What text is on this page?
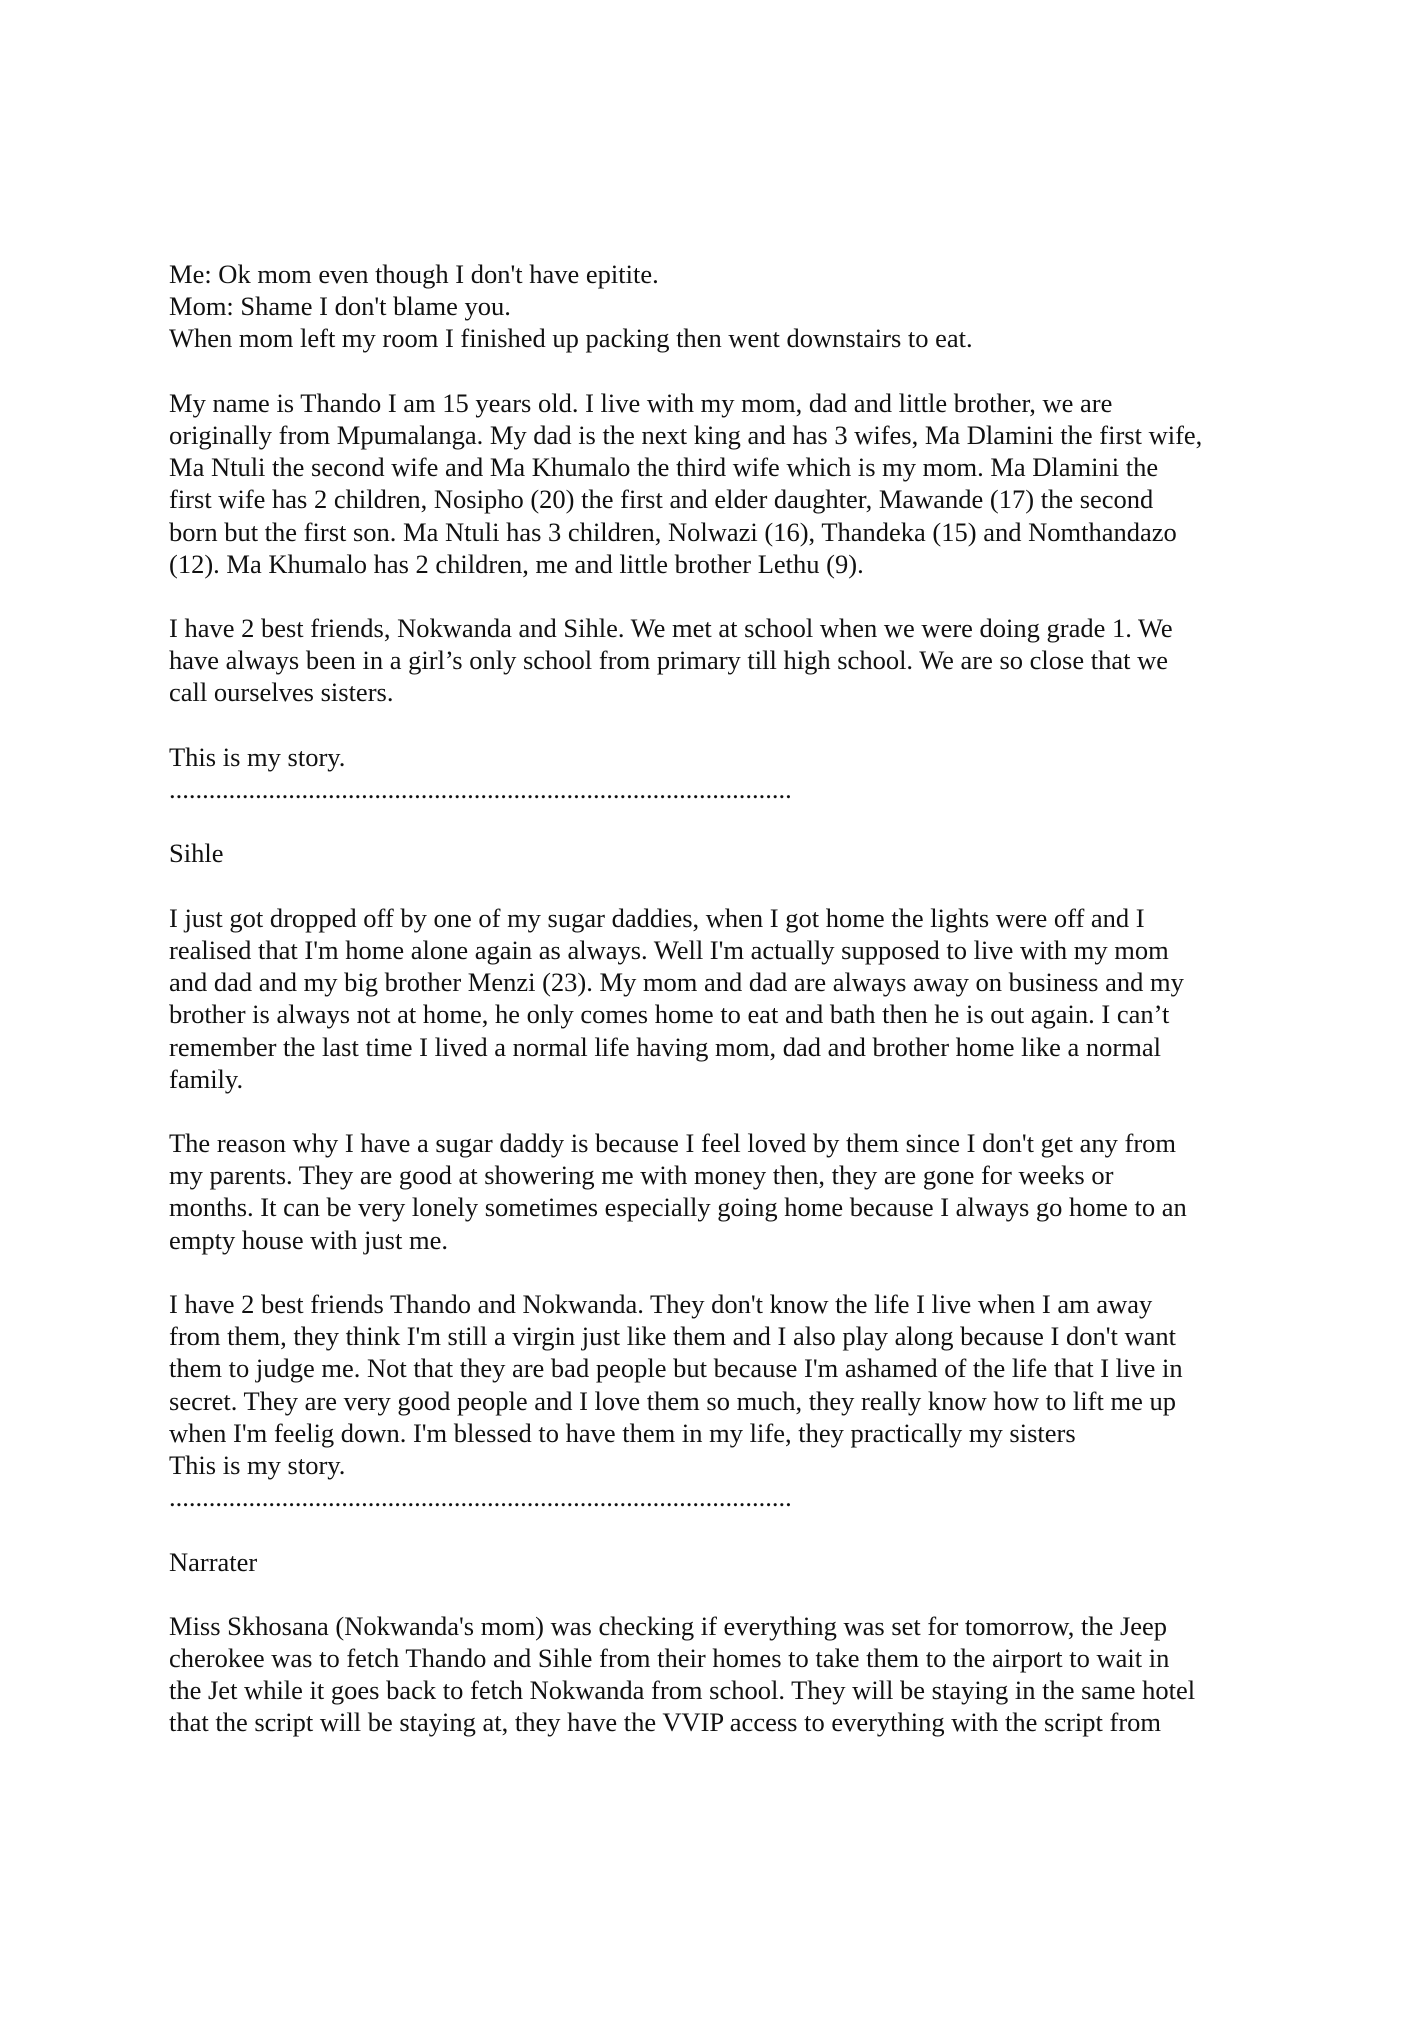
Me: Ok mom even though I don't have epitite.
Mom: Shame I don't blame you.
When mom left my room I finished up packing then went downstairs to eat.
My name is Thando I am 15 years old. I live with my mom, dad and little brother, we are
originally from Mpumalanga. My dad is the next king and has 3 wifes, Ma Dlamini the first wife,
Ma Ntuli the second wife and Ma Khumalo the third wife which is my mom. Ma Dlamini the
first wife has 2 children, Nosipho (20) the first and elder daughter, Mawande (17) the second
born but the first son. Ma Ntuli has 3 children, Nolwazi (16), Thandeka (15) and Nomthandazo
(12). Ma Khumalo has 2 children, me and little brother Lethu (9).
I have 2 best friends, Nokwanda and Sihle. We met at school when we were doing grade 1. We
have always been in a girl’s only school from primary till high school. We are so close that we
call ourselves sisters.
This is my story.
..............................................................................................
Sihle
I just got dropped off by one of my sugar daddies, when I got home the lights were off and I
realised that I'm home alone again as always. Well I'm actually supposed to live with my mom
and dad and my big brother Menzi (23). My mom and dad are always away on business and my
brother is always not at home, he only comes home to eat and bath then he is out again. I can’t
remember the last time I lived a normal life having mom, dad and brother home like a normal
family.
The reason why I have a sugar daddy is because I feel loved by them since I don't get any from
my parents. They are good at showering me with money then, they are gone for weeks or
months. It can be very lonely sometimes especially going home because I always go home to an
empty house with just me.
I have 2 best friends Thando and Nokwanda. They don't know the life I live when I am away
from them, they think I'm still a virgin just like them and I also play along because I don't want
them to judge me. Not that they are bad people but because I'm ashamed of the life that I live in
secret. They are very good people and I love them so much, they really know how to lift me up
when I'm feelig down. I'm blessed to have them in my life, they practically my sisters
This is my story.
..............................................................................................
Narrater
Miss Skhosana (Nokwanda's mom) was checking if everything was set for tomorrow, the Jeep
cherokee was to fetch Thando and Sihle from their homes to take them to the airport to wait in
the Jet while it goes back to fetch Nokwanda from school. They will be staying in the same hotel
that the script will be staying at, they have the VVIP access to everything with the script from
